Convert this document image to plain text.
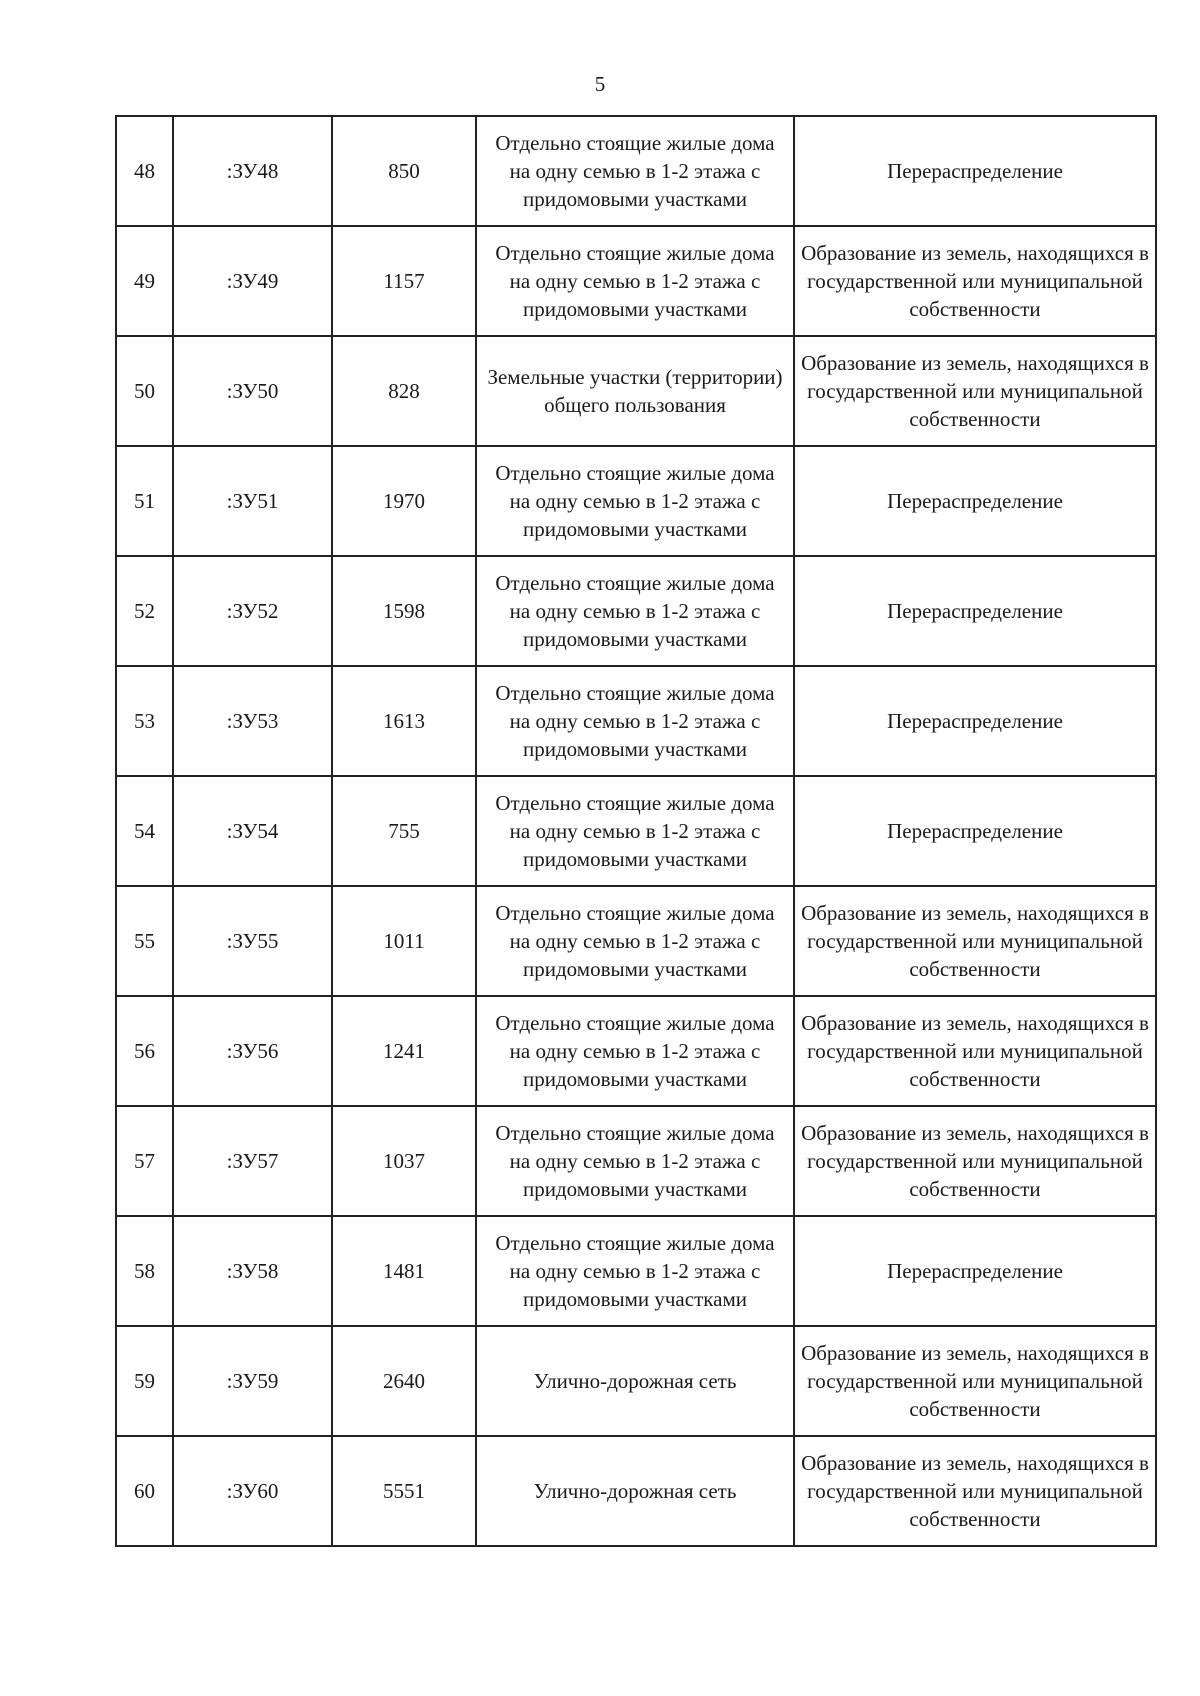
5
48	:ЗУ48	850	Отдельно стоящие жилые дома на одну семью в 1-2 этажа с придомовыми участками	Перераспределение
49	:ЗУ49	1157	Отдельно стоящие жилые дома на одну семью в 1-2 этажа с придомовыми участками	Образование из земель, находящихся в государственной или муниципальной собственности
50	:ЗУ50	828	Земельные участки (территории) общего пользования	Образование из земель, находящихся в государственной или муниципальной собственности
51	:ЗУ51	1970	Отдельно стоящие жилые дома на одну семью в 1-2 этажа с придомовыми участками	Перераспределение
52	:ЗУ52	1598	Отдельно стоящие жилые дома на одну семью в 1-2 этажа с придомовыми участками	Перераспределение
53	:ЗУ53	1613	Отдельно стоящие жилые дома на одну семью в 1-2 этажа с придомовыми участками	Перераспределение
54	:ЗУ54	755	Отдельно стоящие жилые дома на одну семью в 1-2 этажа с придомовыми участками	Перераспределение
55	:ЗУ55	1011	Отдельно стоящие жилые дома на одну семью в 1-2 этажа с придомовыми участками	Образование из земель, находящихся в государственной или муниципальной собственности
56	:ЗУ56	1241	Отдельно стоящие жилые дома на одну семью в 1-2 этажа с придомовыми участками	Образование из земель, находящихся в государственной или муниципальной собственности
57	:ЗУ57	1037	Отдельно стоящие жилые дома на одну семью в 1-2 этажа с придомовыми участками	Образование из земель, находящихся в государственной или муниципальной собственности
58	:ЗУ58	1481	Отдельно стоящие жилые дома на одну семью в 1-2 этажа с придомовыми участками	Перераспределение
59	:ЗУ59	2640	Улично-дорожная сеть	Образование из земель, находящихся в государственной или муниципальной собственности
60	:ЗУ60	5551	Улично-дорожная сеть	Образование из земель, находящихся в государственной или муниципальной собственности
